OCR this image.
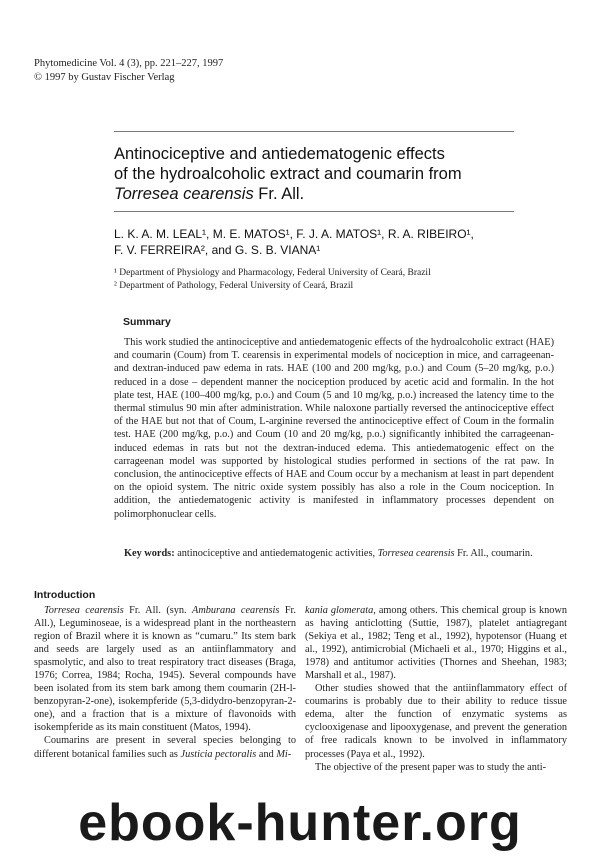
Phytomedicine Vol. 4 (3), pp. 221–227, 1997
© 1997 by Gustav Fischer Verlag
Antinociceptive and antiedematogenic effects
of the hydroalcoholic extract and coumarin from
Torresea cearensis Fr. All.
L. K. A. M. LEAL¹, M. E. MATOS¹, F. J. A. MATOS¹, R. A. RIBEIRO¹,
F. V. FERREIRA², and G. S. B. VIANA¹
¹ Department of Physiology and Pharmacology, Federal University of Ceará, Brazil
² Department of Pathology, Federal University of Ceará, Brazil
Summary
This work studied the antinociceptive and antiedematogenic effects of the hydroalcoholic extract (HAE) and coumarin (Coum) from T. cearensis in experimental models of nociception in mice, and carrageenan- and dextran-induced paw edema in rats. HAE (100 and 200 mg/kg, p.o.) and Coum (5–20 mg/kg, p.o.) reduced in a dose – dependent manner the nociception produced by acetic acid and formalin. In the hot plate test, HAE (100–400 mg/kg, p.o.) and Coum (5 and 10 mg/kg, p.o.) increased the latency time to the thermal stimulus 90 min after administration. While naloxone partially reversed the antinociceptive effect of the HAE but not that of Coum, L-arginine reversed the antinociceptive effect of Coum in the formalin test. HAE (200 mg/kg, p.o.) and Coum (10 and 20 mg/kg, p.o.) significantly inhibited the carrageenan-induced edemas in rats but not the dextran-induced edema. This antiedematogenic effect on the carrageenan model was supported by histological studies performed in sections of the rat paw. In conclusion, the antinociceptive effects of HAE and Coum occur by a mechanism at least in part dependent on the opioid system. The nitric oxide system possibly has also a role in the Coum nociception. In addition, the antiedematogenic activity is manifested in inflammatory processes dependent on polimorphonuclear cells.
Key words: antinociceptive and antiedematogenic activities, Torresea cearensis Fr. All., coumarin.
Introduction

Torresea cearensis Fr. All. (syn. Amburana cearensis Fr. All.), Leguminoseae, is a widespread plant in the northeastern region of Brazil where it is known as “cumaru.” Its stem bark and seeds are largely used as an antiinflammatory and spasmolytic, and also to treat respiratory tract diseases (Braga, 1976; Correa, 1984; Rocha, 1945). Several compounds have been isolated from its stem bark among them coumarin (2H-l-benzopyran-2-one), isokempferide (5,3-didydro-benzopyran-2-one), and a fraction that is a mixture of flavonoids with isokempferide as its main constituent (Matos, 1994).

Coumarins are present in several species belonging to different botanical families such as Justicia pectoralis and Mi-

kania glomerata, among others. This chemical group is known as having anticlotting (Suttie, 1987), platelet antiagregant (Sekiya et al., 1982; Teng et al., 1992), hypotensor (Huang et al., 1992), antimicrobial (Michaeli et al., 1970; Higgins et al., 1978) and antitumor activities (Thornes and Sheehan, 1983; Marshall et al., 1987).

Other studies showed that the antiinflammatory effect of coumarins is probably due to their ability to reduce tissue edema, alter the function of enzymatic systems as cyclooxigenase and lipooxygenase, and prevent the generation of free radicals known to be involved in inflammatory processes (Paya et al., 1992).

The objective of the present paper was to study the anti-

ebook-hunter.org
